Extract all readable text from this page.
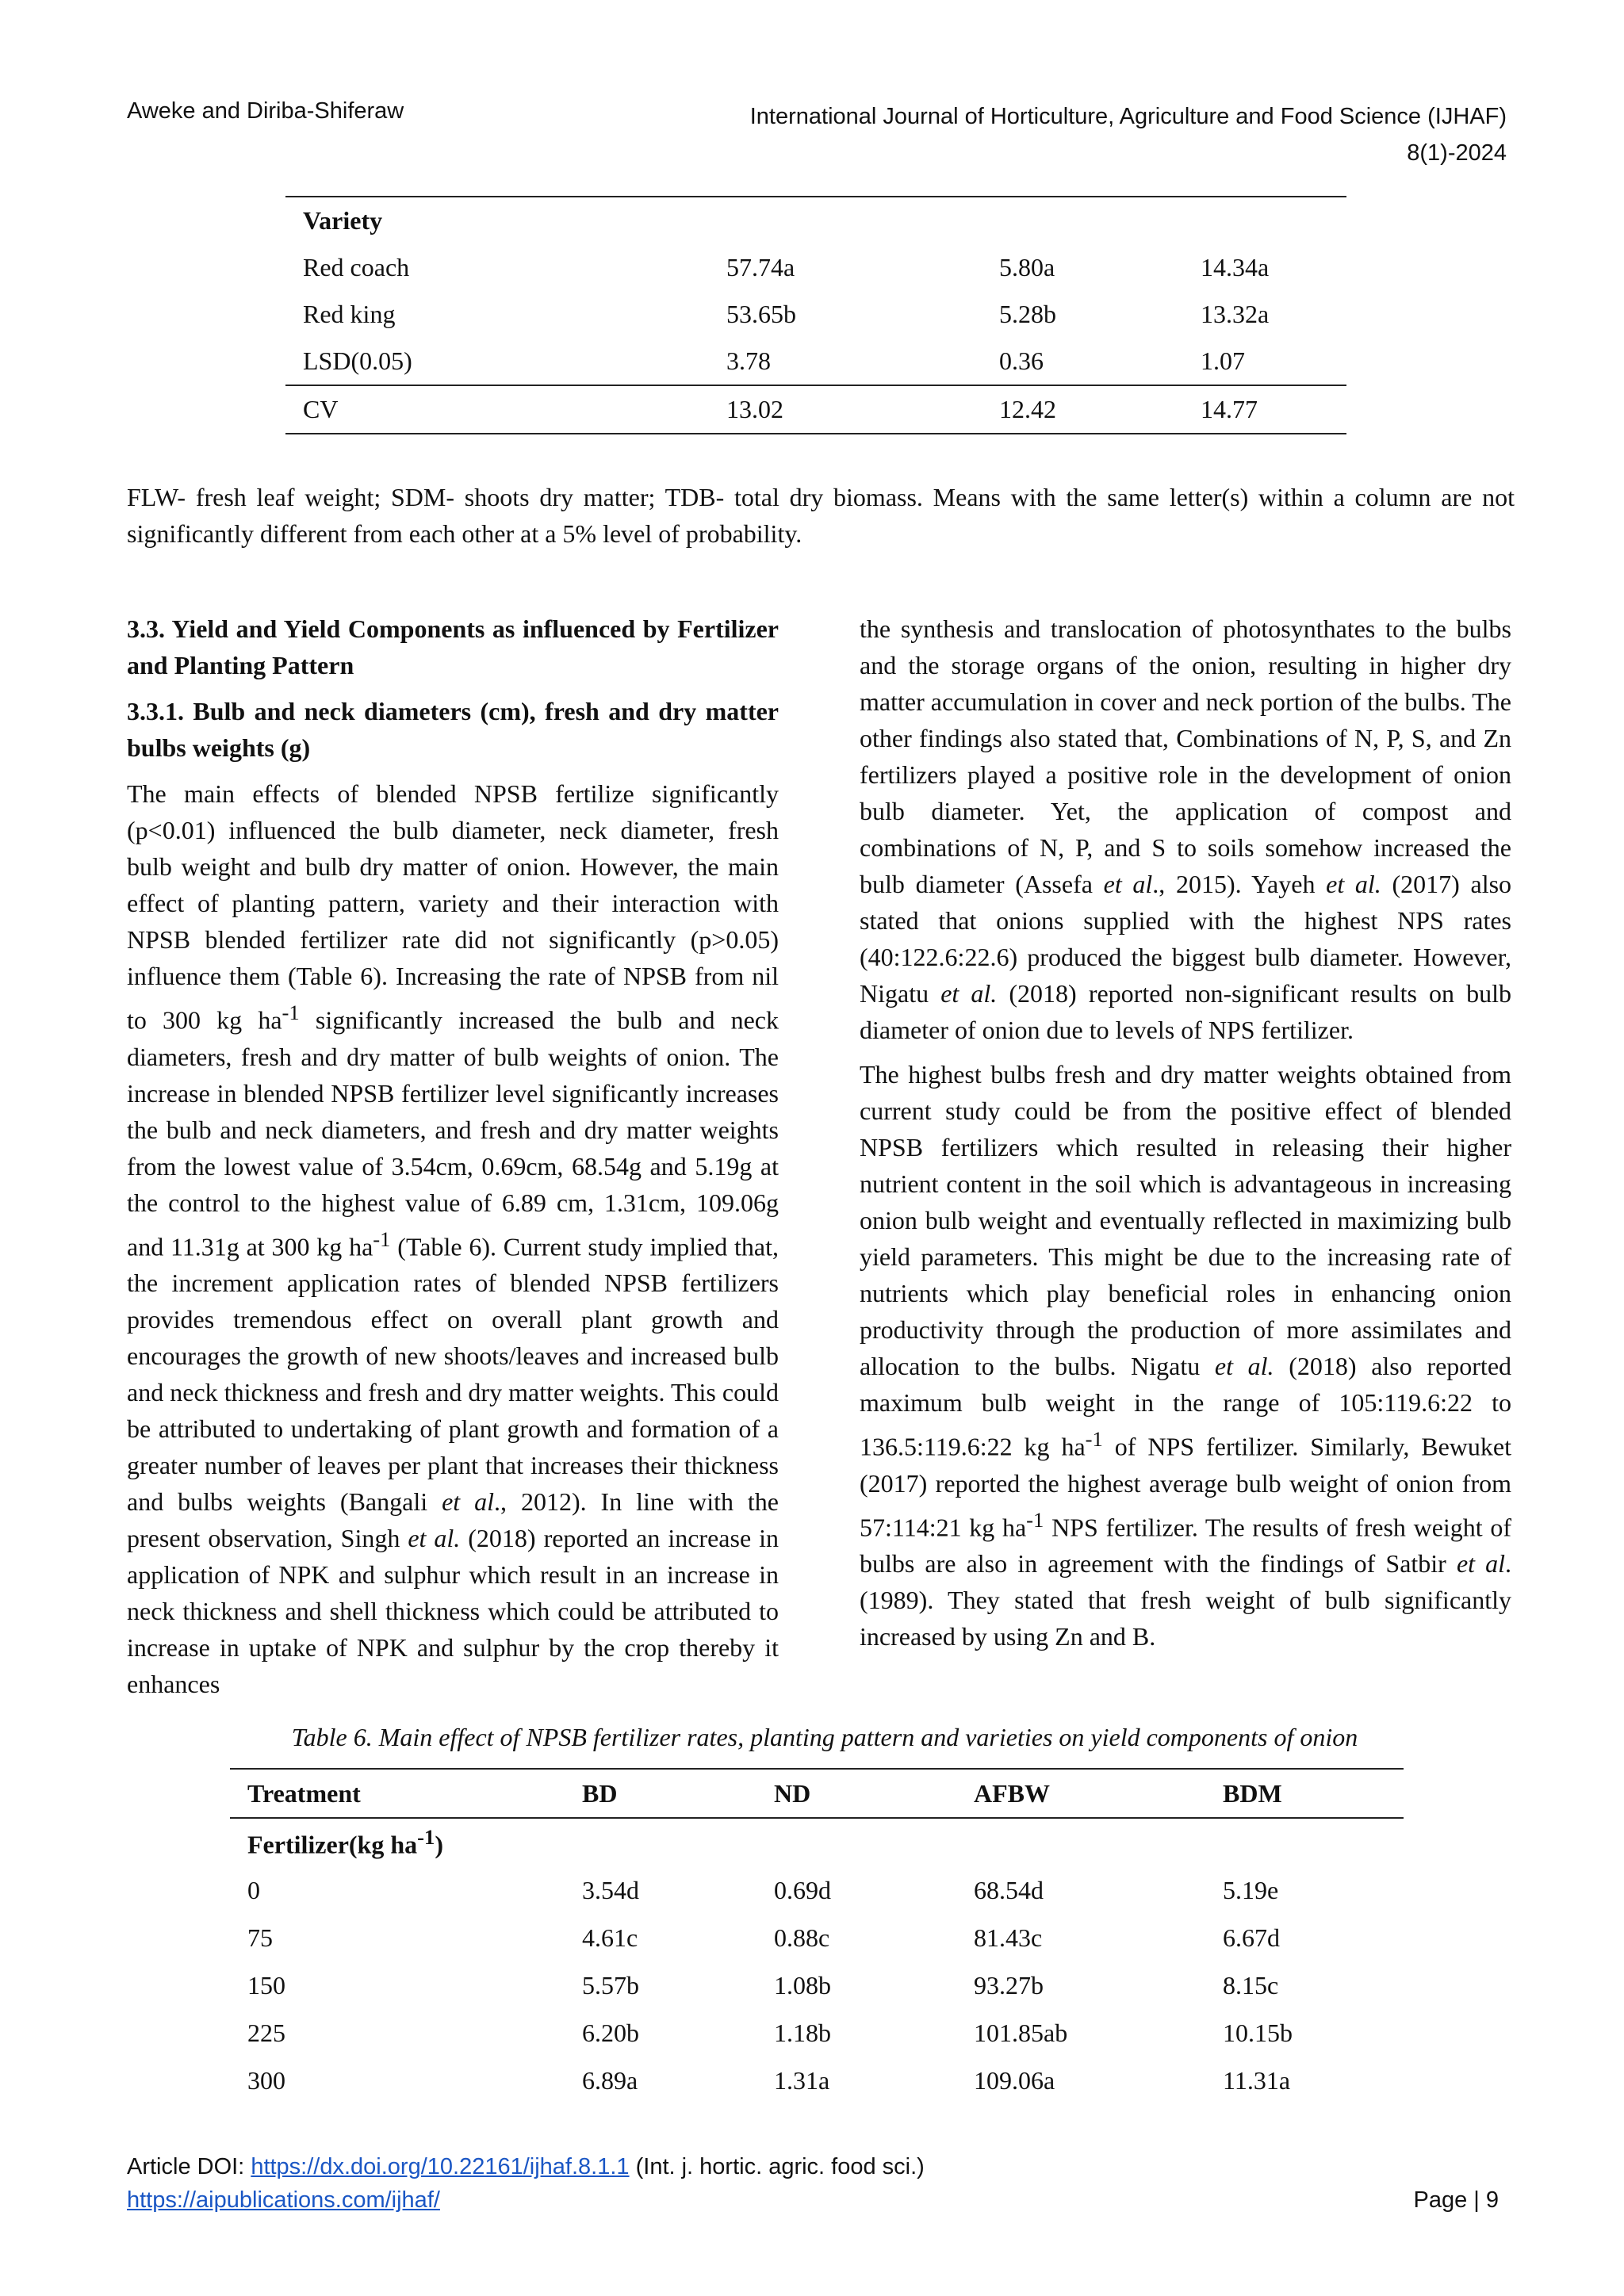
Aweke and Diriba-Shiferaw	International Journal of Horticulture, Agriculture and Food Science (IJHAF)
8(1)-2024
Variety			
Red coach	57.74a	5.80a	14.34a
Red king	53.65b	5.28b	13.32a
LSD(0.05)	3.78	0.36	1.07
CV	13.02	12.42	14.77
FLW- fresh leaf weight; SDM- shoots dry matter; TDB- total dry biomass. Means with the same letter(s) within a column are not significantly different from each other at a 5% level of probability.

3.3. Yield and Yield Components as influenced by Fertilizer and Planting Pattern

3.3.1. Bulb and neck diameters (cm), fresh and dry matter bulbs weights (g)

The main effects of blended NPSB fertilize significantly (p<0.01) influenced the bulb diameter, neck diameter, fresh bulb weight and bulb dry matter of onion. However, the main effect of planting pattern, variety and their interaction with NPSB blended fertilizer rate did not significantly (p>0.05) influence them (Table 6). Increasing the rate of NPSB from nil to 300 kg $ha^{-1}$ significantly increased the bulb and neck diameters, fresh and dry matter of bulb weights of onion. The increase in blended NPSB fertilizer level significantly increases the bulb and neck diameters, and fresh and dry matter weights from the lowest value of 3.54cm, 0.69cm, 68.54g and 5.19g at the control to the highest value of 6.89 cm, 1.31cm, 109.06g and 11.31g at 300 kg $ha^{-1}$ (Table 6). Current study implied that, the increment application rates of blended NPSB fertilizers provides tremendous effect on overall plant growth and encourages the growth of new shoots/leaves and increased bulb and neck thickness and fresh and dry matter weights. This could be attributed to undertaking of plant growth and formation of a greater number of leaves per plant that increases their thickness and bulbs weights (Bangali et al., 2012). In line with the present observation, Singh et al. (2018) reported an increase in application of NPK and sulphur which result in an increase in neck thickness and shell thickness which could be attributed to increase in uptake of NPK and sulphur by the crop thereby it enhances

the synthesis and translocation of photosynthates to the bulbs and the storage organs of the onion, resulting in higher dry matter accumulation in cover and neck portion of the bulbs. The other findings also stated that, Combinations of N, P, S, and Zn fertilizers played a positive role in the development of onion bulb diameter. Yet, the application of compost and combinations of N, P, and S to soils somehow increased the bulb diameter (Assefa et al., 2015). Yayeh et al. (2017) also stated that onions supplied with the highest NPS rates (40:122.6:22.6) produced the biggest bulb diameter. However, Nigatu et al. (2018) reported non-significant results on bulb diameter of onion due to levels of NPS fertilizer.

The highest bulbs fresh and dry matter weights obtained from current study could be from the positive effect of blended NPSB fertilizers which resulted in releasing their higher nutrient content in the soil which is advantageous in increasing onion bulb weight and eventually reflected in maximizing bulb yield parameters. This might be due to the increasing rate of nutrients which play beneficial roles in enhancing onion productivity through the production of more assimilates and allocation to the bulbs. Nigatu et al. (2018) also reported maximum bulb weight in the range of 105:119.6:22 to 136.5:119.6:22 kg $ha^{-1}$ of NPS fertilizer. Similarly, Bewuket (2017) reported the highest average bulb weight of onion from 57:114:21 kg $ha^{-1}$ NPS fertilizer. The results of fresh weight of bulbs are also in agreement with the findings of Satbir et al. (1989). They stated that fresh weight of bulb significantly increased by using Zn and B.

Table 6. Main effect of NPSB fertilizer rates, planting pattern and varieties on yield components of onion
Treatment	BD	ND	AFBW	BDM
Fertilizer(kg $ha^{-1}$)				
0	3.54d	0.69d	68.54d	5.19e
75	4.61c	0.88c	81.43c	6.67d
150	5.57b	1.08b	93.27b	8.15c
225	6.20b	1.18b	101.85ab	10.15b
300	6.89a	1.31a	109.06a	11.31a
Article DOI: https://dx.doi.org/10.22161/ijhaf.8.1.1 (Int. j. hortic. agric. food sci.)
https://aipublications.com/ijhaf/	Page | 9
